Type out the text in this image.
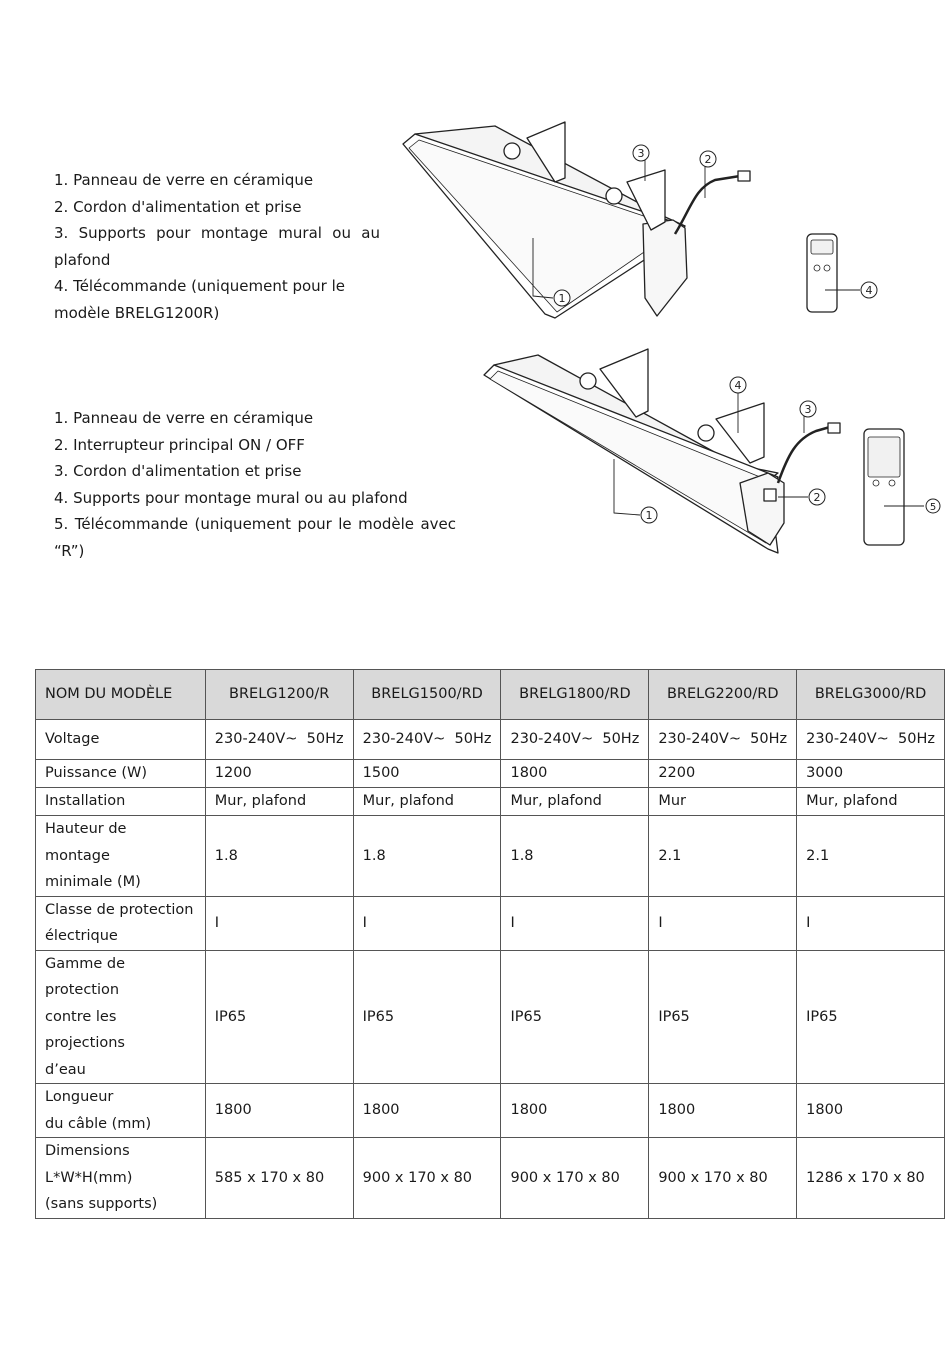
1. Panneau de verre en céramique
2. Cordon d'alimentation et prise
3. Supports pour montage mural ou au
plafond
4. Télécommande (uniquement pour le
modèle BRELG1200R)
1
2
3
4
1. Panneau de verre en céramique
2. Interrupteur principal ON / OFF
3. Cordon d'alimentation et prise
4. Supports pour montage mural ou au plafond
5. Télécommande (uniquement pour le modèle avec
“R”)
1
2
3
4
5
NOM DU MODÈLE	BRELG1200/R	BRELG1500/RD	BRELG1800/RD	BRELG2200/RD	BRELG3000/RD

Voltage	230-240V~  50Hz	230-240V~  50Hz	230-240V~  50Hz	230-240V~  50Hz	230-240V~  50Hz

Puissance (W)	1200	1500	1800	2200	3000

Installation	Mur, plafond	Mur, plafond	Mur, plafond	Mur	Mur, plafond

Hauteur de montage
minimale (M)	1.8	1.8	1.8	2.1	2.1

Classe de protection
électrique	I	I	I	I	I

Gamme de protection
contre les projections
d’eau	IP65	IP65	IP65	IP65	IP65

Longueur
du câble (mm)	1800	1800	1800	1800	1800

Dimensions
L*W*H(mm)
(sans supports)	585 x 170 x 80	900 x 170 x 80	900 x 170 x 80	900 x 170 x 80	1286 x 170 x 80
